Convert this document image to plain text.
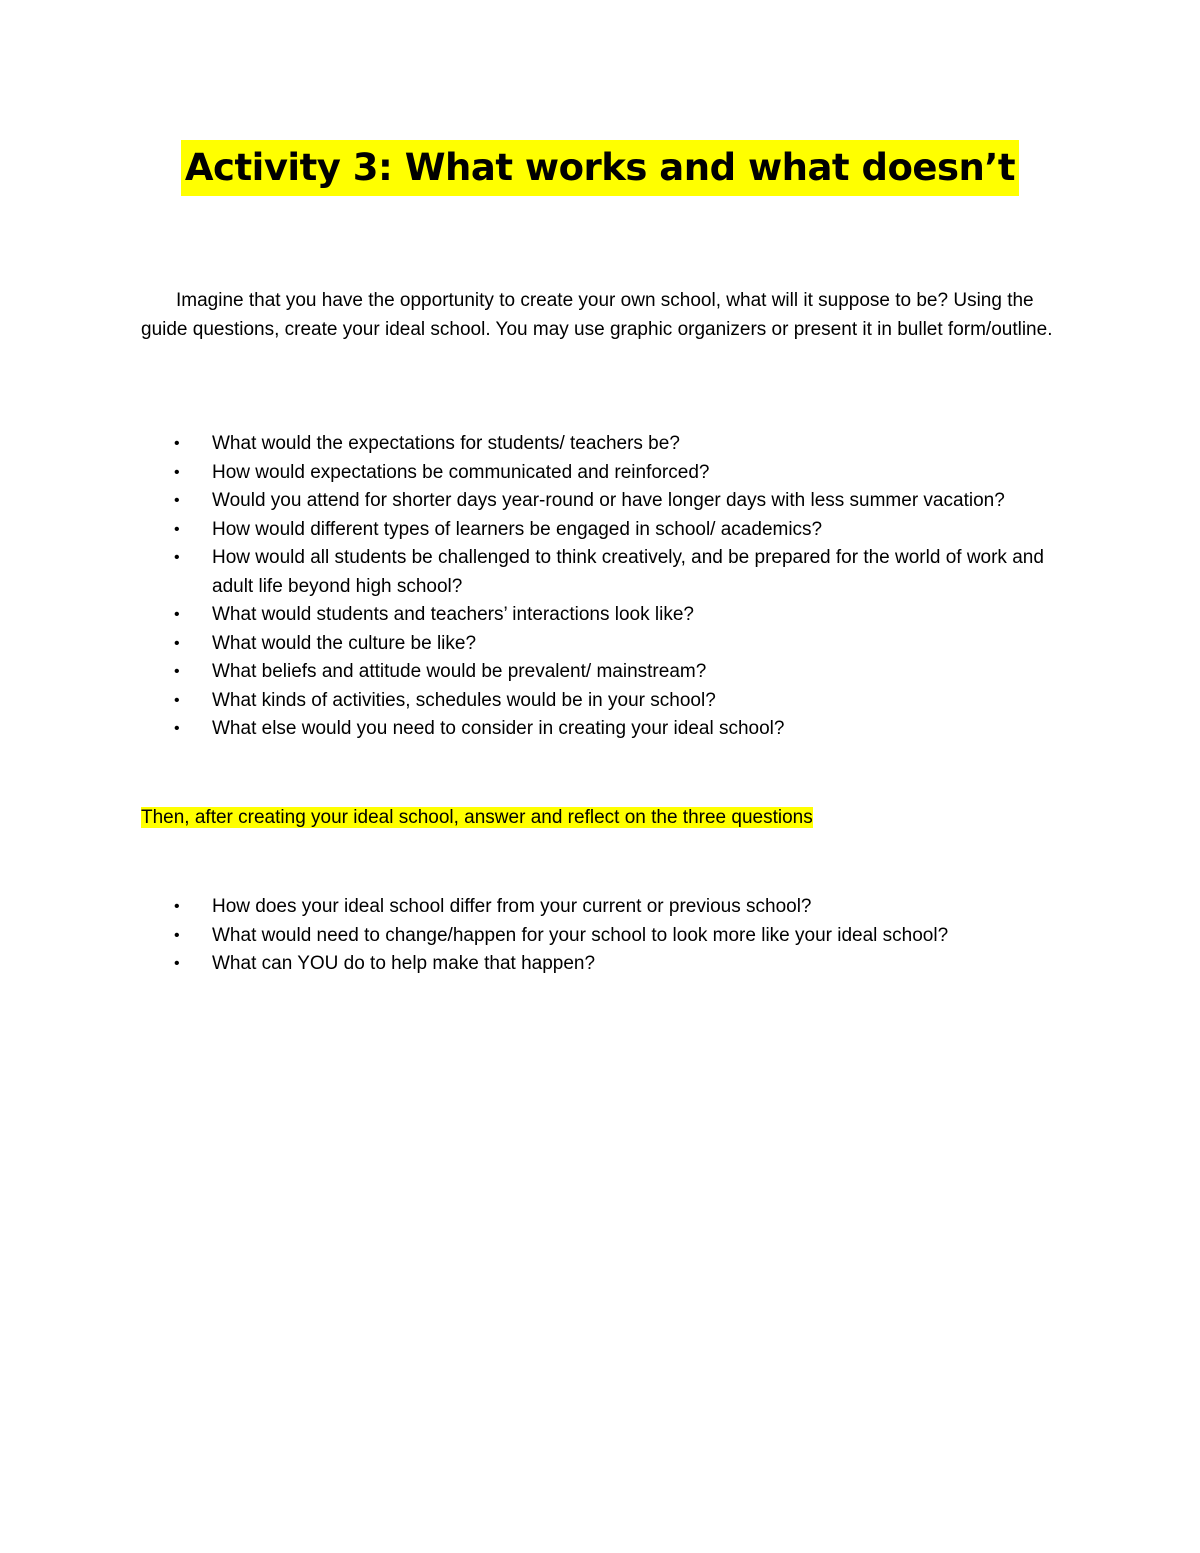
Activity 3: What works and what doesn’t

Imagine that you have the opportunity to create your own school, what will it suppose to be? Using the guide questions, create your ideal school. You may use graphic organizers or present it in bullet form/outline.

• What would the expectations for students/ teachers be?
• How would expectations be communicated and reinforced?
• Would you attend for shorter days year-round or have longer days with less summer vacation?
• How would different types of learners be engaged in school/ academics?
• How would all students be challenged to think creatively, and be prepared for the world of work and adult life beyond high school?
• What would students and teachers’ interactions look like?
• What would the culture be like?
• What beliefs and attitude would be prevalent/ mainstream?
• What kinds of activities, schedules would be in your school?
• What else would you need to consider in creating your ideal school?

Then, after creating your ideal school, answer and reflect on the three questions

• How does your ideal school differ from your current or previous school?
• What would need to change/happen for your school to look more like your ideal school?
• What can YOU do to help make that happen?
